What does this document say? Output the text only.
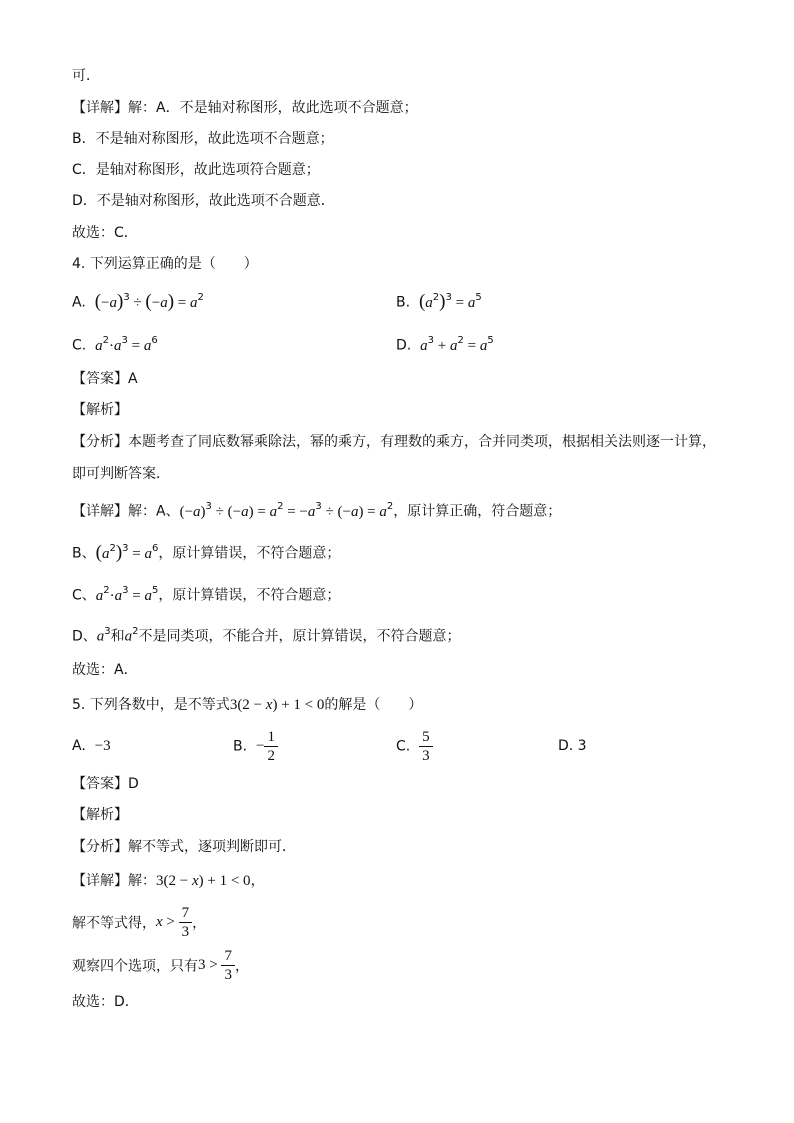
可．
【详解】解：A．不是轴对称图形，故此选项不合题意；
B．不是轴对称图形，故此选项不合题意；
C．是轴对称图形，故此选项符合题意；
D．不是轴对称图形，故此选项不合题意．
故选：C．
4. 下列运算正确的是（　　）
A. $(-a)^3 \div (-a) = a^2$	B. $(a^2)^3 = a^5$
C. $a^2\cdot a^3 = a^6$	D. $a^3 + a^2 = a^5$
【答案】A
【解析】
【分析】本题考查了同底数幂乘除法，幂的乘方，有理数的乘方，合并同类项，根据相关法则逐一计算，
即可判断答案．
【详解】解：A、$(-a)^3 \div (-a) = a^2 = -a^3 \div (-a) = a^2$，原计算正确，符合题意；
B、$(a^2)^3 = a^6$，原计算错误，不符合题意；
C、$a^2\cdot a^3 = a^5$，原计算错误，不符合题意；
D、$a^3$和$a^2$不是同类项，不能合并，原计算错误，不符合题意；
故选：A．
5. 下列各数中，是不等式3(2 − x) + 1 < 0的解是（　　）
A. −3	B. − $\frac{1}{2}$	C. $\frac{5}{3}$	D. 3
【答案】D
【解析】
【分析】解不等式，逐项判断即可．
【详解】解：3(2 − x) + 1 < 0，
解不等式得，$x > \frac{7}{3}$ ，
观察四个选项，只有$3 > \frac{7}{3}$ ，
故选：D．
